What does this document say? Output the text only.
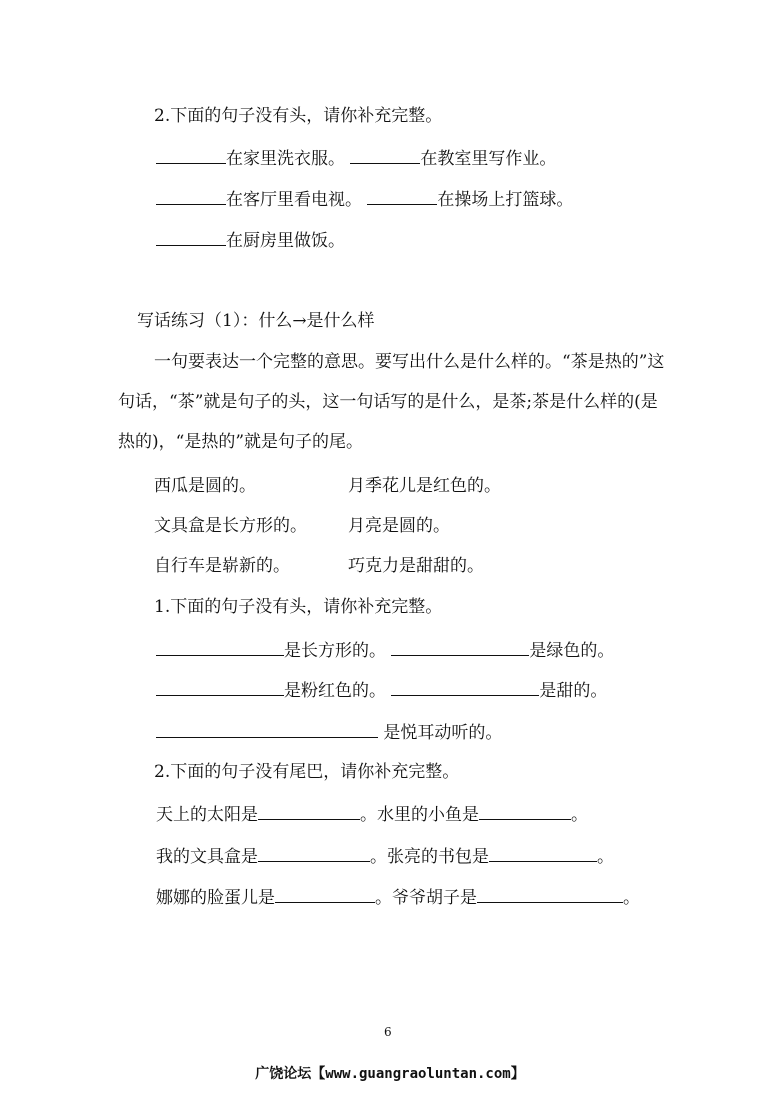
2.下面的句子没有头，请你补充完整。
在家里洗衣服。	在教室里写作业。
在客厅里看电视。	在操场上打篮球。
在厨房里做饭。
写话练习（1）：什么→是什么样
一句要表达一个完整的意思。要写出什么是什么样的。“茶是热的”这句话，“茶”就是句子的头，这一句话写的是什么，是茶;茶是什么样的(是热的)，“是热的”就是句子的尾。
西瓜是圆的。	月季花儿是红色的。
文具盒是长方形的。 月亮是圆的。
自行车是崭新的。	巧克力是甜甜的。
1.下面的句子没有头，请你补充完整。
是长方形的。	是绿色的。
是粉红色的。	是甜的。
是悦耳动听的。
2.下面的句子没有尾巴，请你补充完整。
天上的太阳是	。水里的小鱼是	。
我的文具盒是	。张亮的书包是	。
娜娜的脸蛋儿是	。爷爷胡子是	。
6
广饶论坛【www.guangraoluntan.com】
